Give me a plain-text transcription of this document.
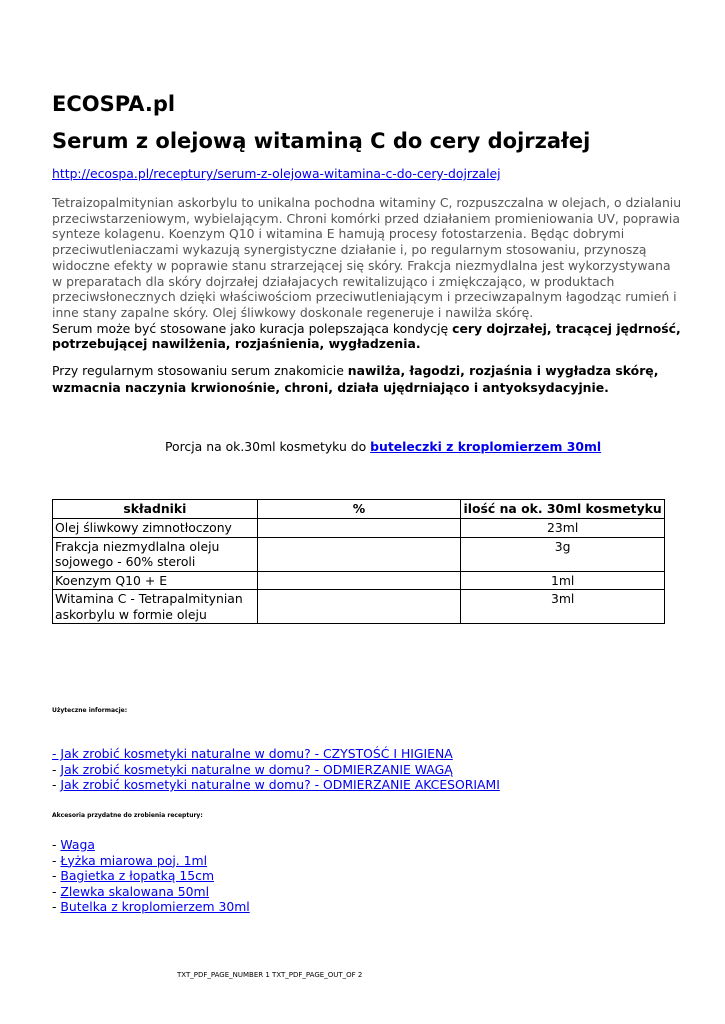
ECOSPA.pl
Serum z olejową witaminą C do cery dojrzałej
http://ecospa.pl/receptury/serum-z-olejowa-witamina-c-do-cery-dojrzalej
Tetraizopalmitynian askorbylu to unikalna pochodna witaminy C, rozpuszczalna w olejach, o dzialaniu przeciwstarzeniowym, wybielającym. Chroni komórki przed działaniem promieniowania UV, poprawia synteze kolagenu. Koenzym Q10 i witamina E hamują procesy fotostarzenia. Będąc dobrymi przeciwutleniaczami wykazują synergistyczne działanie i, po regularnym stosowaniu, przynoszą widoczne efekty w poprawie stanu strarzejącej się skóry. Frakcja niezmydlalna jest wykorzystywana w preparatach dla skóry dojrzałej działajacych rewitalizująco i zmiękczająco, w produktach przeciwsłonecznych dzięki właściwościom przeciwutleniającym i przeciwzapalnym łagodząc rumień i inne stany zapalne skóry. Olej śliwkowy doskonale regeneruje i nawilża skórę.
Serum może być stosowane jako kuracja polepszająca kondycję cery dojrzałej, tracącej jędrność, potrzebującej nawilżenia, rozjaśnienia, wygładzenia.
Przy regularnym stosowaniu serum znakomicie nawilża, łagodzi, rozjaśnia i wygładza skórę, wzmacnia naczynia krwionośnie, chroni, działa ujędrniająco i antyoksydacyjnie.
Porcja na ok.30ml kosmetyku do buteleczki z kroplomierzem 30ml
składniki	%	ilość na ok. 30ml kosmetyku
Olej śliwkowy zimnotłoczony		23ml
Frakcja niezmydlalna oleju sojowego - 60% steroli		3g
Koenzym Q10 + E		1ml
Witamina C - Tetrapalmitynian askorbylu w formie oleju		3ml
Użyteczne informacje:
- Jak zrobić kosmetyki naturalne w domu? - CZYSTOŚĆ I HIGIENA
- Jak zrobić kosmetyki naturalne w domu? - ODMIERZANIE WAGĄ
- Jak zrobić kosmetyki naturalne w domu? - ODMIERZANIE AKCESORIAMI
Akcesoria przydatne do zrobienia receptury:
- Waga
- Łyżka miarowa poj. 1ml
- Bagietka z łopatką 15cm
- Zlewka skalowana 50ml
- Butelka z kroplomierzem 30ml
TXT_PDF_PAGE_NUMBER 1 TXT_PDF_PAGE_OUT_OF 2
